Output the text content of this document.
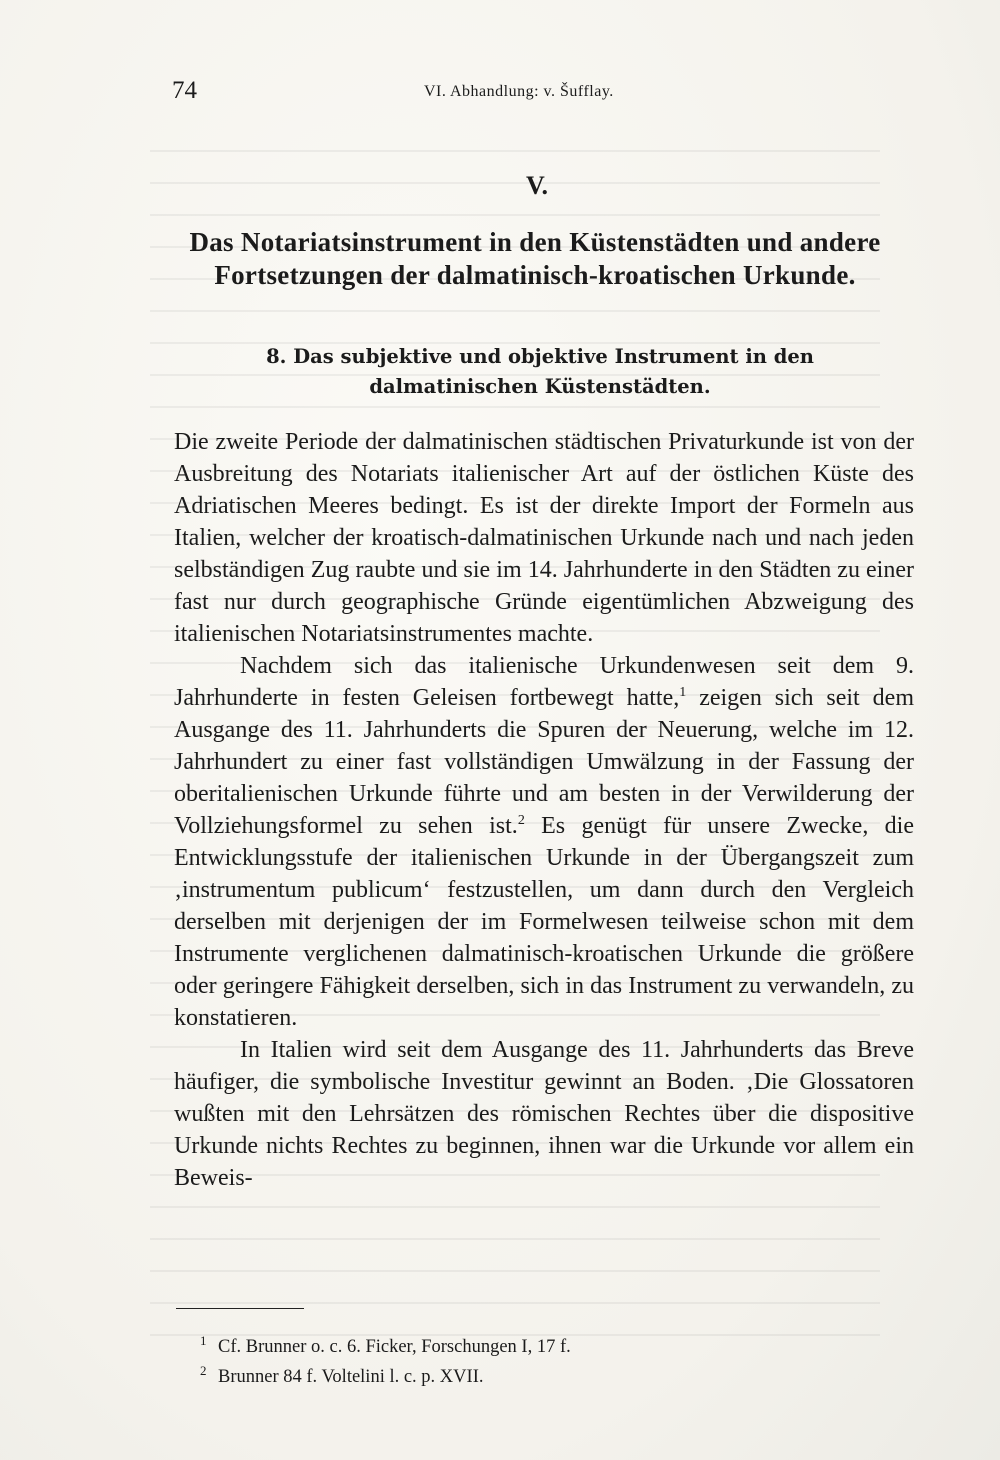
74	VI. Abhandlung: v. Šufflay.
V.
Das Notariatsinstrument in den Küstenstädten und andere Fortsetzungen der dalmatinisch-kroatischen Urkunde.
8. Das subjektive und objektive Instrument in den dalmatinischen Küstenstädten.

Die zweite Periode der dalmatinischen städtischen Privaturkunde ist von der Ausbreitung des Notariats italienischer Art auf der östlichen Küste des Adriatischen Meeres bedingt. Es ist der direkte Import der Formeln aus Italien, welcher der kroatisch-dalmatinischen Urkunde nach und nach jeden selbständigen Zug raubte und sie im 14. Jahrhunderte in den Städten zu einer fast nur durch geographische Gründe eigentümlichen Abzweigung des italienischen Notariatsinstrumentes machte.

Nachdem sich das italienische Urkundenwesen seit dem 9. Jahrhunderte in festen Geleisen fortbewegt hatte,$^1$ zeigen sich seit dem Ausgange des 11. Jahrhunderts die Spuren der Neuerung, welche im 12. Jahrhundert zu einer fast vollständigen Umwälzung in der Fassung der oberitalienischen Urkunde führte und am besten in der Verwilderung der Vollziehungsformel zu sehen ist.$^2$ Es genügt für unsere Zwecke, die Entwicklungsstufe der italienischen Urkunde in der Übergangszeit zum ‚instrumentum publicum‘ festzustellen, um dann durch den Vergleich derselben mit derjenigen der im Formelwesen teilweise schon mit dem Instrumente verglichenen dalmatinisch-kroatischen Urkunde die größere oder geringere Fähigkeit derselben, sich in das Instrument zu verwandeln, zu konstatieren.

In Italien wird seit dem Ausgange des 11. Jahrhunderts das Breve häufiger, die symbolische Investitur gewinnt an Boden. ‚Die Glossatoren wußten mit den Lehrsätzen des römischen Rechtes über die dispositive Urkunde nichts Rechtes zu beginnen, ihnen war die Urkunde vor allem ein Beweis-

1 Cf. Brunner o. c. 6. Ficker, Forschungen I, 17 f.
2 Brunner 84 f. Voltelini l. c. p. XVII.
